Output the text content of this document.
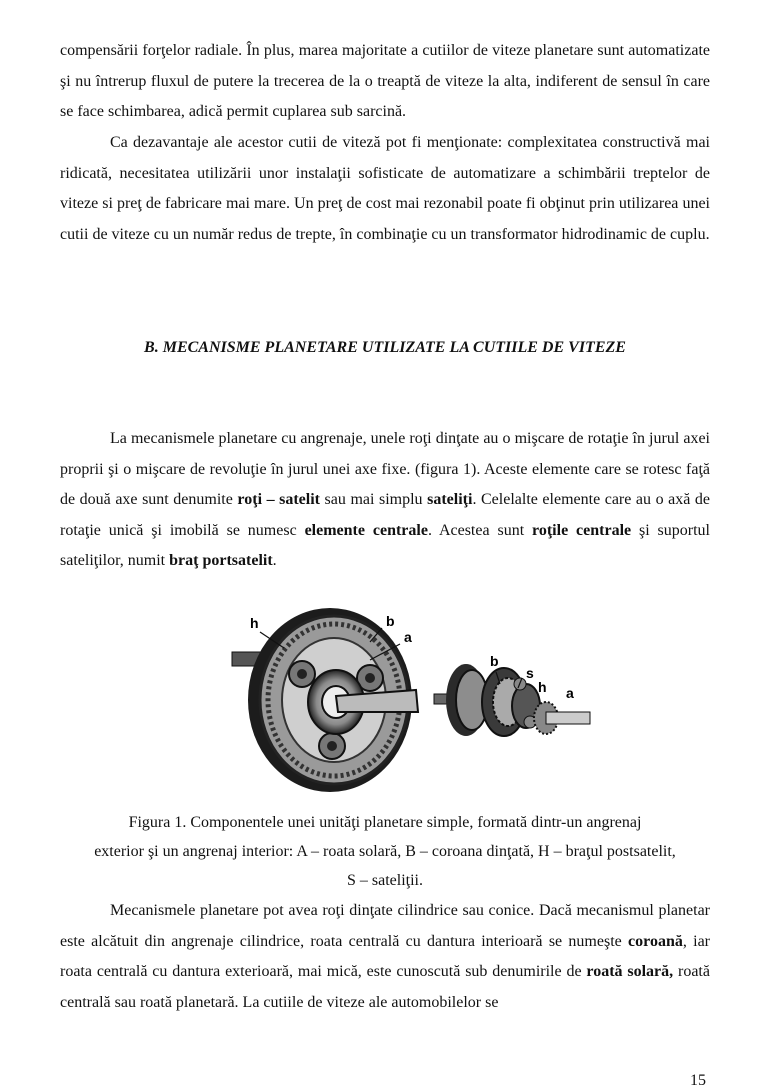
compensării forţelor radiale. În plus, marea majoritate a cutiilor de viteze planetare sunt automatizate şi nu întrerup fluxul de putere la trecerea de la o treaptă de viteze la alta, indiferent de sensul în care se face schimbarea, adică permit cuplarea sub sarcină.

Ca dezavantaje ale acestor cutii de viteză pot fi menţionate: complexitatea constructivă mai ridicată, necesitatea utilizării unor instalaţii sofisticate de automatizare a schimbării treptelor de viteze si preţ de fabricare mai mare. Un preţ de cost mai rezonabil poate fi obţinut prin utilizarea unei cutii de viteze cu un număr redus de trepte, în combinaţie cu un transformator hidrodinamic de cuplu.

B. MECANISME PLANETARE UTILIZATE LA CUTIILE DE VITEZE

La mecanismele planetare cu angrenaje, unele roţi dinţate au o mişcare de rotaţie în jurul axei proprii şi o mişcare de revoluţie în jurul unei axe fixe. (figura 1). Aceste elemente care se rotesc faţă de două axe sunt denumite roţi – satelit sau mai simplu sateliţi. Celelalte elemente care au o axă de rotaţie unică şi imobilă se numesc elemente centrale. Acestea sunt roţile centrale şi suportul sateliţilor, numit braţ portsatelit.

h	b
a
b
s
h a
Figura 1. Componentele unei unităţi planetare simple, formată dintr-un angrenaj
exterior şi un angrenaj interior: A – roata solară, B – coroana dinţată, H – braţul postsatelit,
S – sateliţii.

Mecanismele planetare pot avea roţi dinţate cilindrice sau conice. Dacă mecanismul planetar este alcătuit din angrenaje cilindrice, roata centrală cu dantura interioară se numeşte coroană, iar roata centrală cu dantura exterioară, mai mică, este cunoscută sub denumirile de roată solară, roată centrală sau roată planetară. La cutiile de viteze ale automobilelor se

15
